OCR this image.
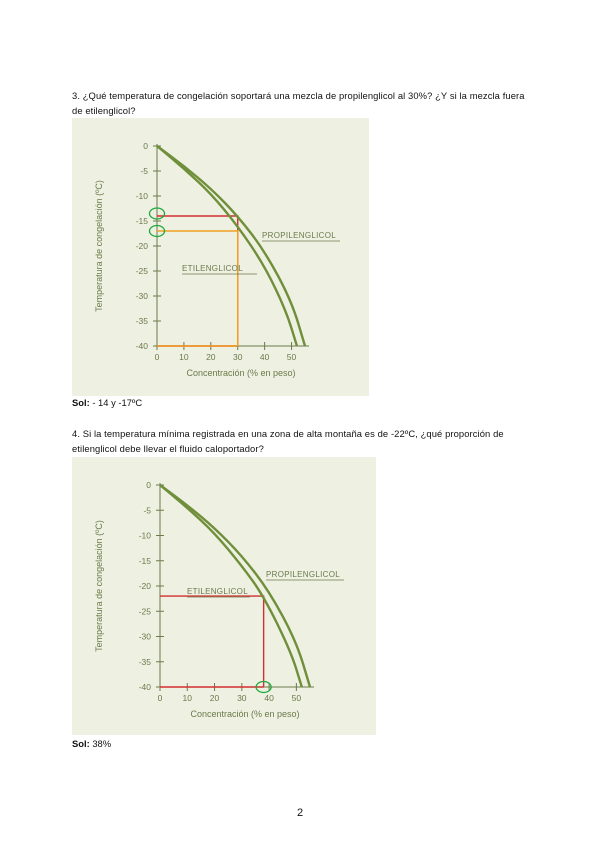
3. ¿Qué temperatura de congelación soportará una mezcla de propilenglicol al 30%? ¿Y si la mezcla fuera de etilenglicol?
0
-5
-10
-15
-20
-25
-30
-35
-40
0 10 20 30 40 50
Concentración (% en peso)
Temperatura de congelación (ºC)	ETILENGLICOL
PROPILENGLICOL
Sol: - 14 y -17ºC
4. Si la temperatura mínima registrada en una zona de alta montaña es de -22ºC, ¿qué proporción de etilenglicol debe llevar el fluido caloportador?
0
-5
-10
-15
-20
-25
-30
-35
-40
0 10 20 30 40 50
Concentración (% en peso)
Temperatura de congelación (ºC)	ETILENGLICOL
PROPILENGLICOL
Sol: 38%
2
